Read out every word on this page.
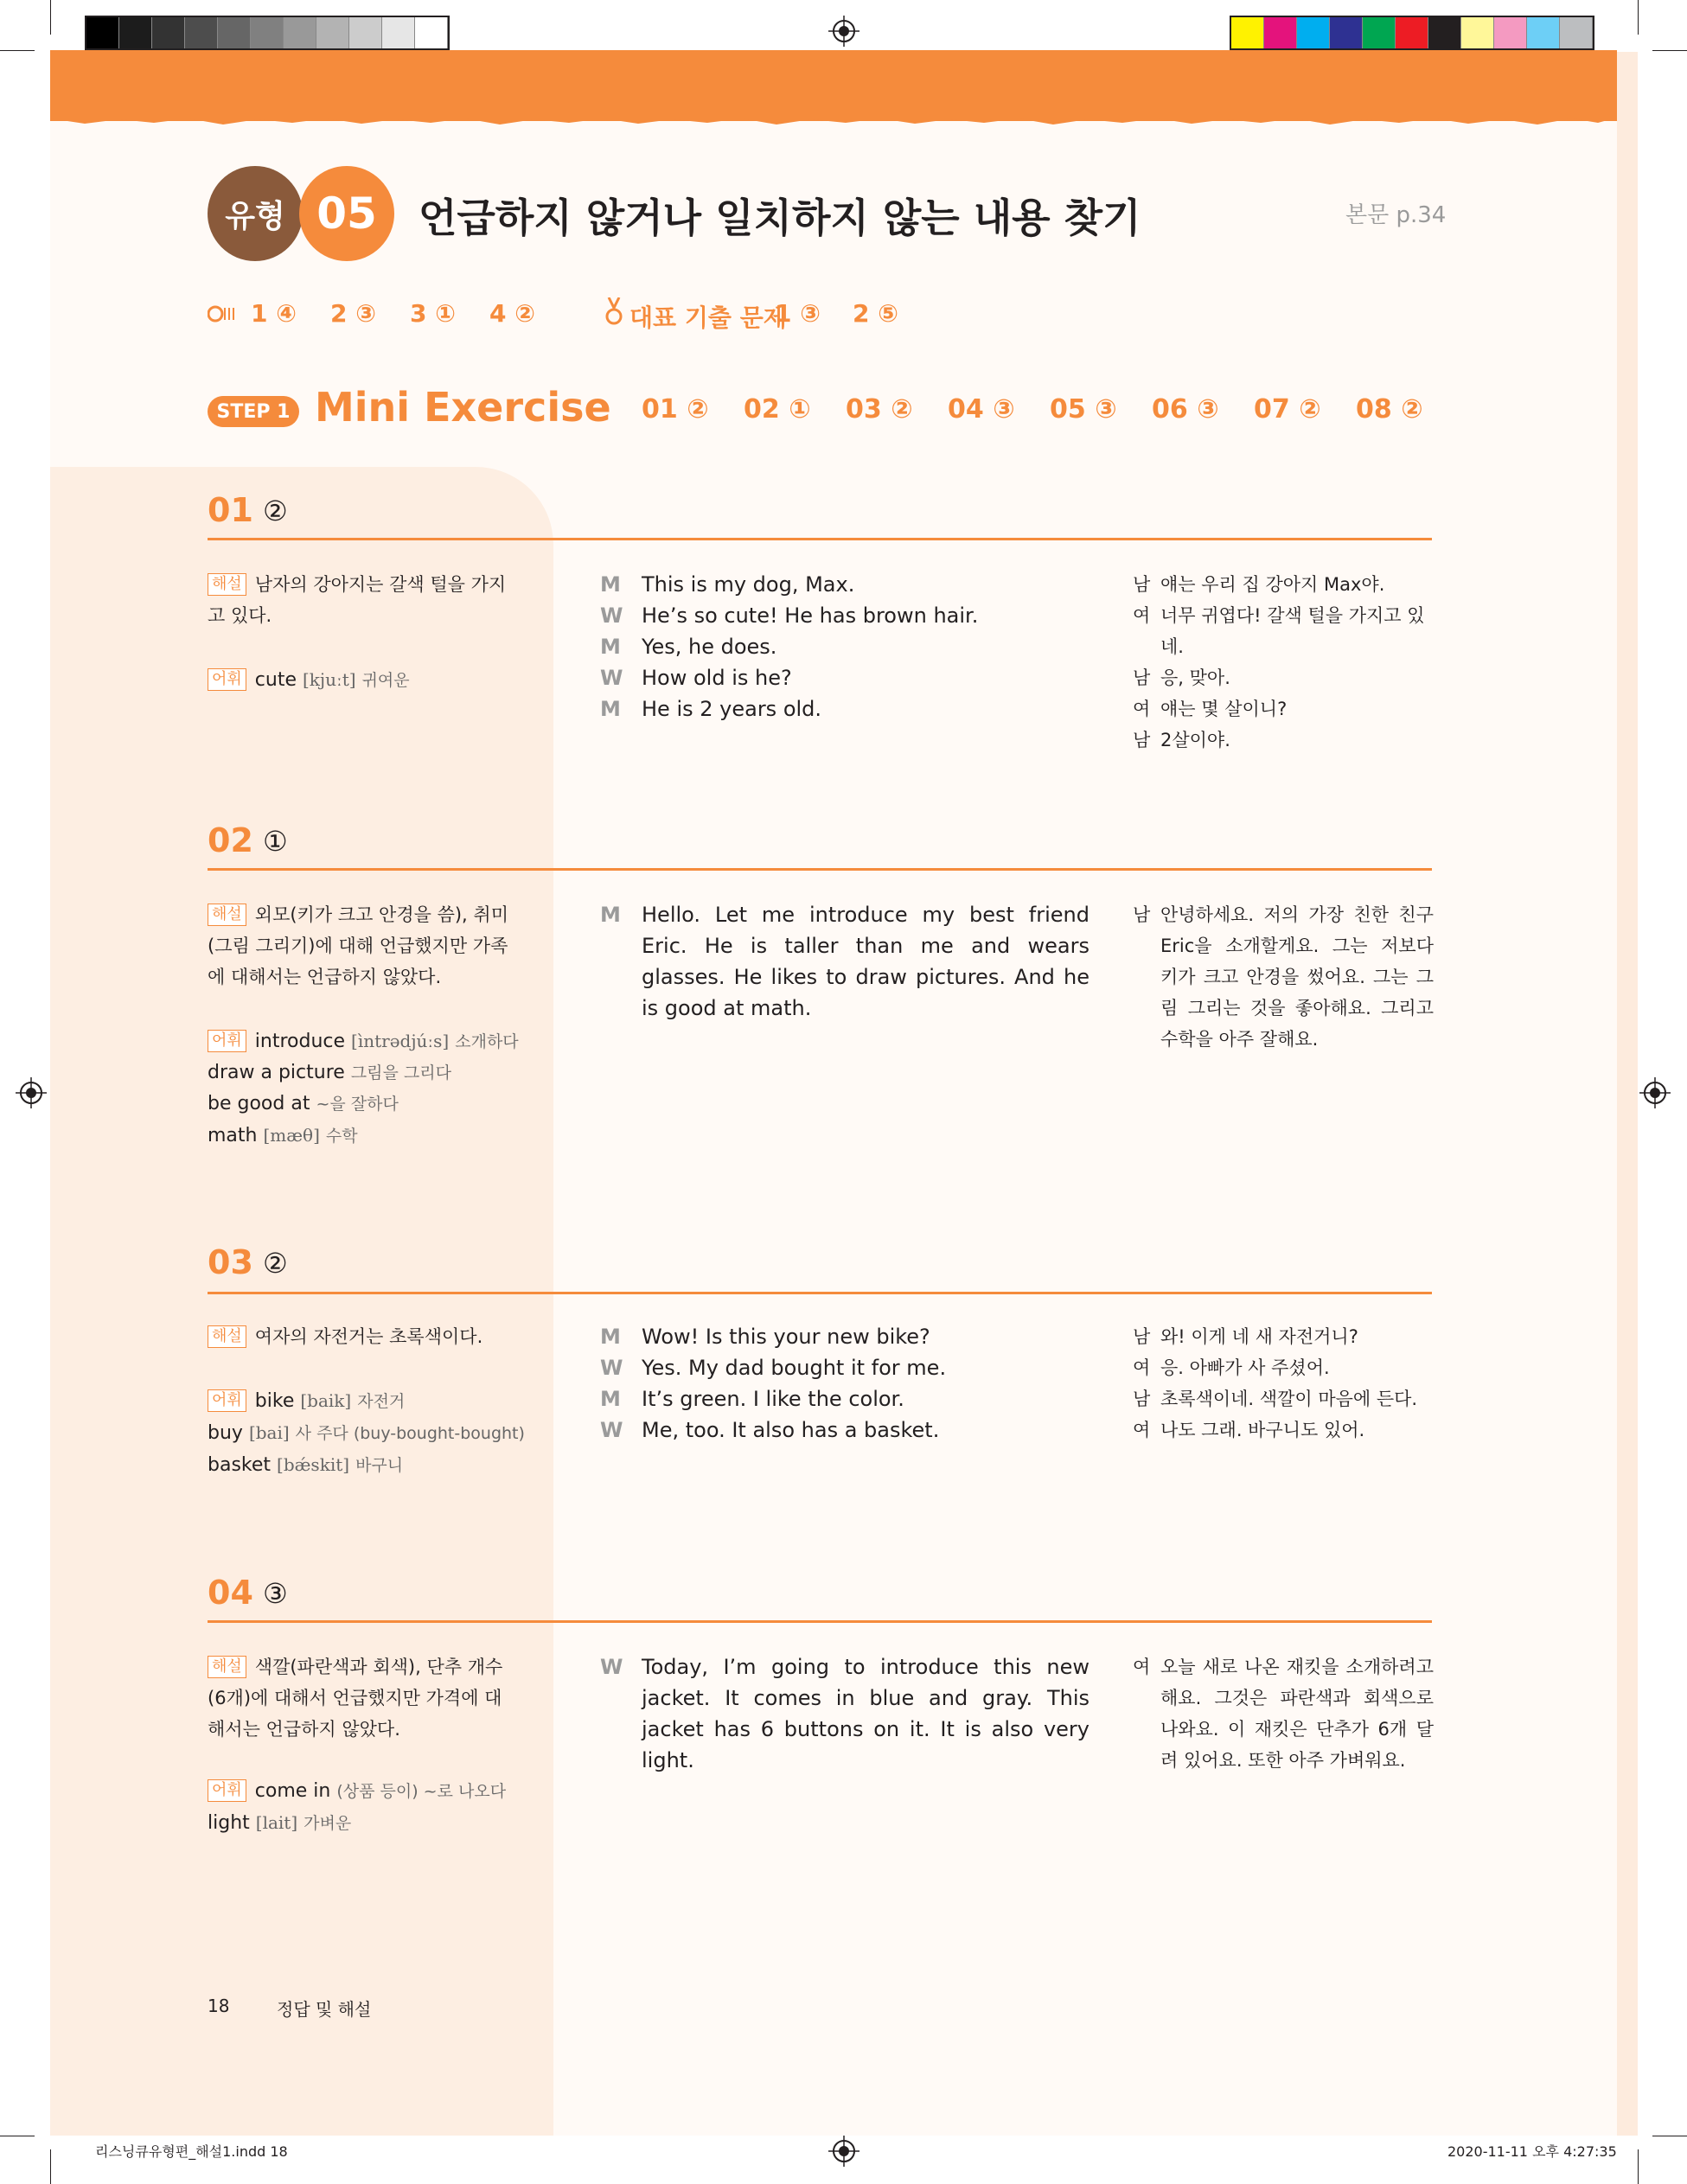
유형 05 언급하지 않거나 일치하지 않는 내용 찾기	본문 p.34
1 ④ 2 ③ 3 ① 4 ②	대표 기출 문제
1 ③ 2 ⑤
STEP 1 Mini Exercise 01 ② 02 ① 03 ② 04 ③ 05 ③ 06 ③ 07 ② 08 ②
01 ②
해설 남자의 강아지는 갈색 털을 가지고 있다.
어휘 cute [kjuːt] 귀여운
M	This is my dog, Max.
W He’s so cute! He has brown hair.
M	Yes, he does.
W How old is he?
M	He is 2 years old.
남 얘는 우리 집 강아지 Max야.
여 너무 귀엽다! 갈색 털을 가지고 있네.
남 응, 맞아.
여 얘는 몇 살이니?
남 2살이야.
02 ①
해설 외모(키가 크고 안경을 씀), 취미(그림 그리기)에 대해 언급했지만 가족에 대해서는 언급하지 않았다.
어휘 introduce [ìntrədjúːs] 소개하다
draw a picture 그림을 그리다
be good at ~을 잘하다
math [mæθ] 수학
M	Hello. Let me introduce my best friend Eric. He is taller than me and wears glasses. He likes to draw pictures. And he is good at math.
남 안녕하세요. 저의 가장 친한 친구 Eric을 소개할게요. 그는 저보다 키가 크고 안경을 썼어요. 그는 그림 그리는 것을 좋아해요. 그리고 수학을 아주 잘해요.
03 ②
해설 여자의 자전거는 초록색이다.
어휘 bike [baik] 자전거
buy [bai] 사 주다 (buy-bought-bought)
basket [bǽskit] 바구니
M	Wow! Is this your new bike?
W Yes. My dad bought it for me.
M	It’s green. I like the color.
W Me, too. It also has a basket.
남 와! 이게 네 새 자전거니?
여 응. 아빠가 사 주셨어.
남 초록색이네. 색깔이 마음에 든다.
여 나도 그래. 바구니도 있어.
04 ③
해설 색깔(파란색과 회색), 단추 개수(6개)에 대해서 언급했지만 가격에 대해서는 언급하지 않았다.
어휘 come in (상품 등이) ~로 나오다
light [lait] 가벼운
W Today, I’m going to introduce this new jacket. It comes in blue and gray. This jacket has 6 buttons on it. It is also very light.
여 오늘 새로 나온 재킷을 소개하려고 해요. 그것은 파란색과 회색으로 나와요. 이 재킷은 단추가 6개 달려 있어요. 또한 아주 가벼워요.
18	정답 및 해설
리스닝큐유형편_해설1.indd 18	2020-11-11 오후 4:27:35
